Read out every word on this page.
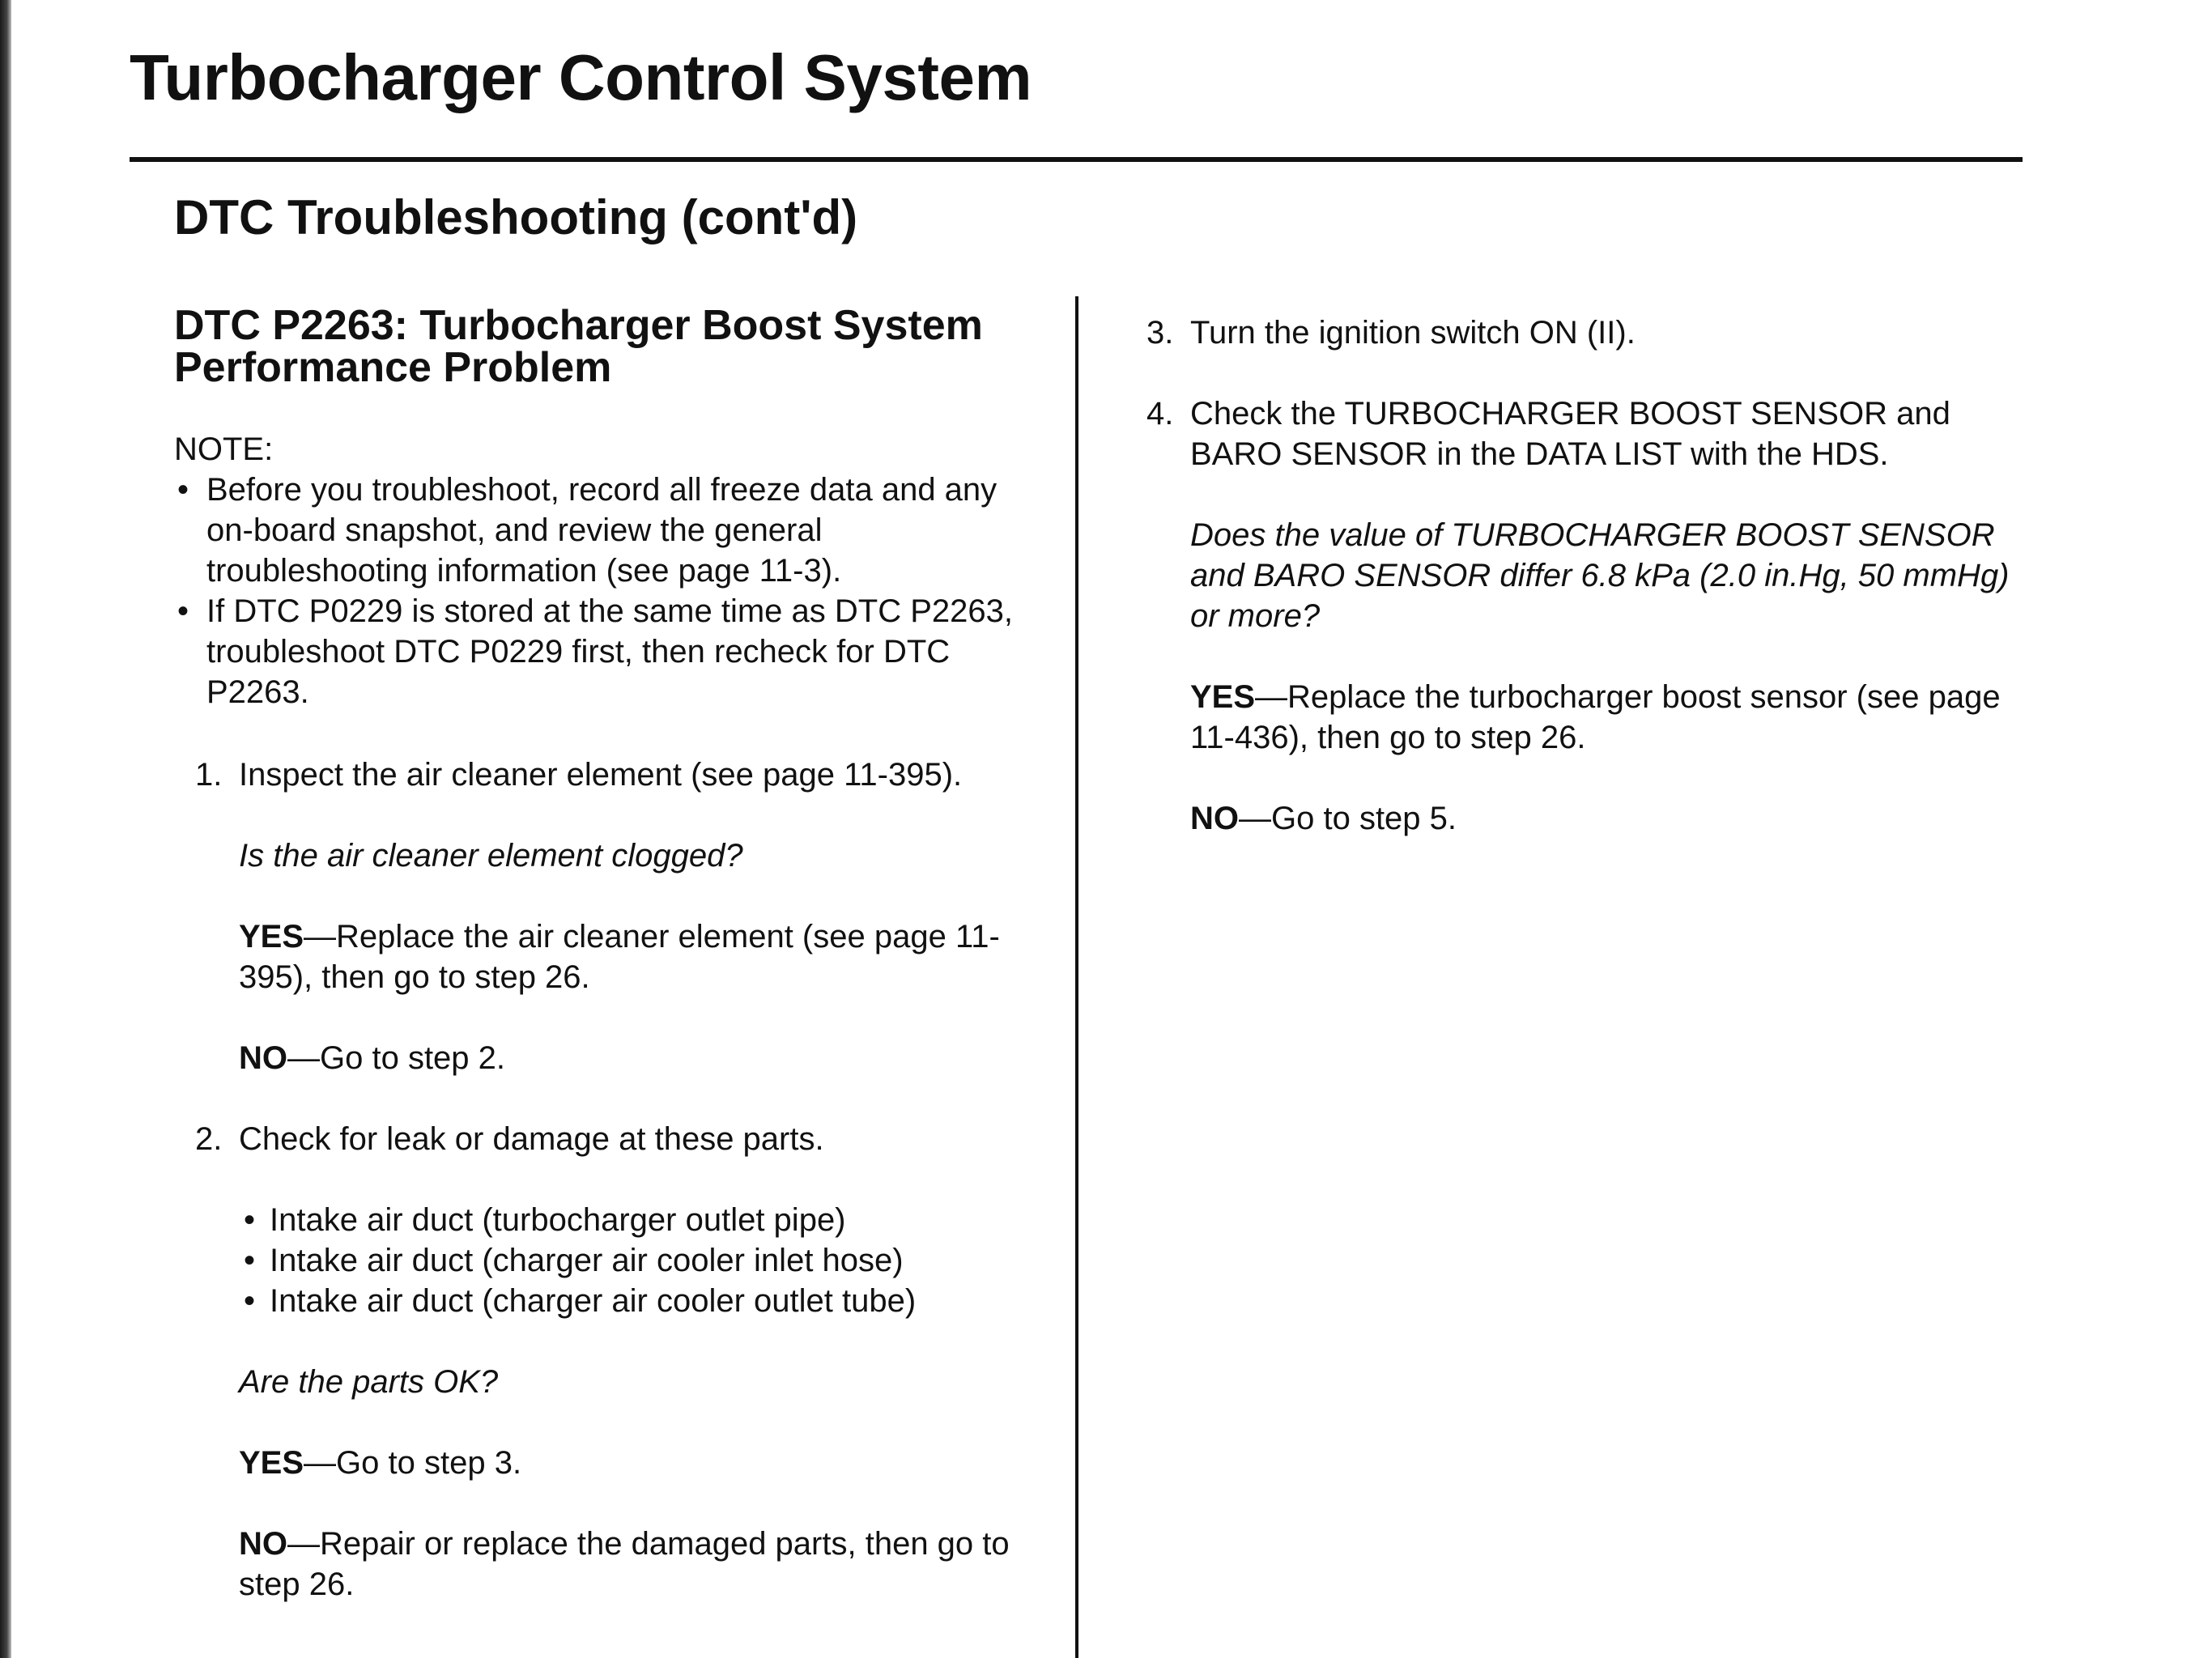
Turbocharger Control System
DTC Troubleshooting (cont'd)
DTC P2263: Turbocharger Boost System Performance Problem

NOTE:

• Before you troubleshoot, record all freeze data and any on-board snapshot, and review the general troubleshooting information (see page 11-3).
• If DTC P0229 is stored at the same time as DTC P2263, troubleshoot DTC P0229 first, then recheck for DTC P2263.
1. Inspect the air cleaner element (see page 11-395).

Is the air cleaner element clogged?

YES—Replace the air cleaner element (see page 11-395), then go to step 26.

NO—Go to step 2.

2. Check for leak or damage at these parts.
• Intake air duct (turbocharger outlet pipe)
• Intake air duct (charger air cooler inlet hose)
• Intake air duct (charger air cooler outlet tube)

Are the parts OK?

YES—Go to step 3.

NO—Repair or replace the damaged parts, then go to step 26.

3. Turn the ignition switch ON (II).
4. Check the TURBOCHARGER BOOST SENSOR and BARO SENSOR in the DATA LIST with the HDS.

Does the value of TURBOCHARGER BOOST SENSOR and BARO SENSOR differ 6.8 kPa (2.0 in.Hg, 50 mmHg) or more?

YES—Replace the turbocharger boost sensor (see page 11-436), then go to step 26.

NO—Go to step 5.
